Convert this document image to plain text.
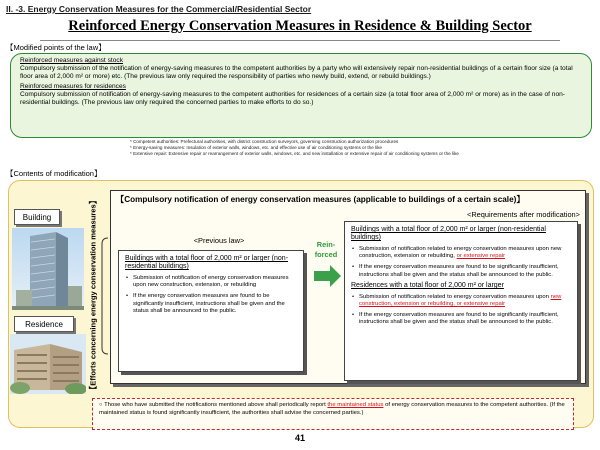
II. -3. Energy Conservation Measures for the Commercial/Residential Sector
Reinforced Energy Conservation Measures in Residence & Building Sector
【Modified points of the law】

Reinforced measures against stock

Compulsory submission of the notification of energy-saving measures to the competent authorities by a party who will extensively repair non-residential buildings of a certain floor size (a total floor area of 2,000 m² or more) etc. (The previous law only required the responsibility of parties who newly build, extend, or rebuild buildings.)

Reinforced measures for residences

Compulsory submission of notification of energy-saving measures to the competent authorities for residences of a certain size (a total floor area of 2,000 m² or more) as in the case of non-residential buildings. (The previous law only required the concerned parties to make efforts to do so.)

* Competent authorities: Prefectural authorities, with district construction surveyors, governing construction authorization procedures
* Energy-saving measures: Insulation of exterior walls, windows, etc. and effective use of air conditioning systems or the like
* Extensive repair: Extensive repair or rearrangement of exterior walls, windows, etc. and new installation or extensive repair of air conditioning systems or the like
【Contents of modification】
Building
Residence	【Efforts concerning energy conservation measures】 【Compulsory notification of energy conservation measures (applicable to buildings of a certain scale)】
<Previous law>
Buildings with a total floor of 2,000 m² or larger (non-residential buildings)
• Submission of notification of energy conservation measures upon new construction, extension, or rebuilding
• If the energy conservation measures are found to be significantly insufficient, instructions shall be given and the status shall be announced to the public.
Rein-forced
<Requirements after modification>
Buildings with a total floor of 2,000 m² or larger (non-residential buildings)
• Submission of notification related to energy conservation measures upon new construction, extension or rebuilding, or extensive repair
• If the energy conservation measures are found to be significantly insufficient, instructions shall be given and the status shall be announced to the public.
Residences with a total floor of 2,000 m² or larger
• Submission of notification related to energy conservation measures upon new construction, extension or rebuilding, or extensive repair
• If the energy conservation measures are found to be significantly insufficient, instructions shall be given and the status shall be announced to the public.
○ Those who have submitted the notifications mentioned above shall periodically report the maintained status of energy conservation measures to the competent authorities. (If the maintained status is found significantly insufficient, the authorities shall advise the concerned parties.)
41
